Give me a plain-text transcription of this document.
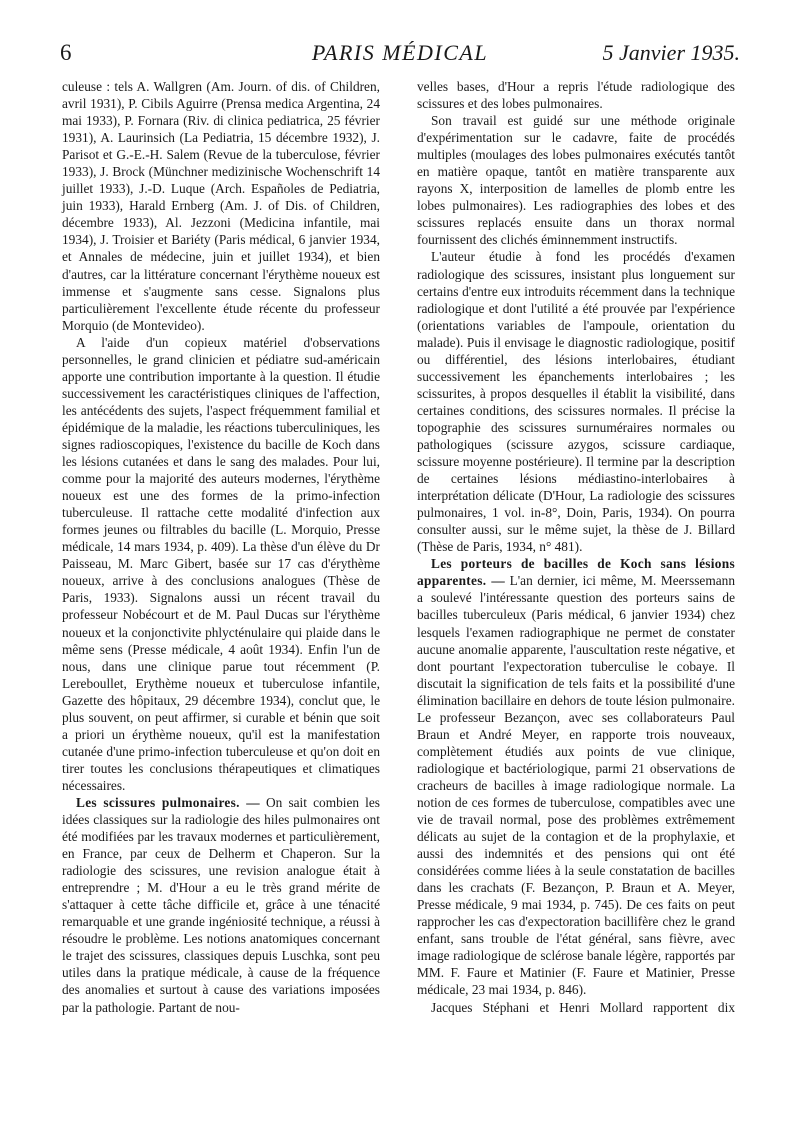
6	PARIS MÉDICAL	5 Janvier 1935.

culeuse : tels A. Wallgren (Am. Journ. of dis. of Children, avril 1931), P. Cibils Aguirre (Prensa medica Argentina, 24 mai 1933), P. Fornara (Riv. di clinica pediatrica, 25 février 1931), A. Laurinsich (La Pediatria, 15 décembre 1932), J. Parisot et G.-E.-H. Salem (Revue de la tuberculose, février 1933), J. Brock (Münchner medizinische Wochenschrift 14 juillet 1933), J.-D. Luque (Arch. Españoles de Pediatria, juin 1933), Harald Ernberg (Am. J. of Dis. of Children, décembre 1933), Al. Jezzoni (Medicina infantile, mai 1934), J. Troisier et Bariéty (Paris médical, 6 janvier 1934, et Annales de médecine, juin et juillet 1934), et bien d'autres, car la littérature concernant l'érythème noueux est immense et s'augmente sans cesse. Signalons plus particulièrement l'excellente étude récente du professeur Morquio (de Montevideo).

A l'aide d'un copieux matériel d'observations personnelles, le grand clinicien et pédiatre sud-américain apporte une contribution importante à la question. Il étudie successivement les caractéristiques cliniques de l'affection, les antécédents des sujets, l'aspect fréquemment familial et épidémique de la maladie, les réactions tuberculiniques, les signes radioscopiques, l'existence du bacille de Koch dans les lésions cutanées et dans le sang des malades. Pour lui, comme pour la majorité des auteurs modernes, l'érythème noueux est une des formes de la primo-infection tuberculeuse. Il rattache cette modalité d'infection aux formes jeunes ou filtrables du bacille (L. Morquio, Presse médicale, 14 mars 1934, p. 409). La thèse d'un élève du Dr Paisseau, M. Marc Gibert, basée sur 17 cas d'érythème noueux, arrive à des conclusions analogues (Thèse de Paris, 1933). Signalons aussi un récent travail du professeur Nobécourt et de M. Paul Ducas sur l'érythème noueux et la conjonctivite phlycténulaire qui plaide dans le même sens (Presse médicale, 4 août 1934). Enfin l'un de nous, dans une clinique parue tout récemment (P. Lereboullet, Erythème noueux et tuberculose infantile, Gazette des hôpitaux, 29 décembre 1934), conclut que, le plus souvent, on peut affirmer, si curable et bénin que soit a priori un érythème noueux, qu'il est la manifestation cutanée d'une primo-infection tuberculeuse et qu'on doit en tirer toutes les conclusions thérapeutiques et climatiques nécessaires.

Les scissures pulmonaires. — On sait combien les idées classiques sur la radiologie des hiles pulmonaires ont été modifiées par les travaux modernes et particulièrement, en France, par ceux de Delherm et Chaperon. Sur la radiologie des scissures, une revision analogue était à entreprendre ; M. d'Hour a eu le très grand mérite de s'attaquer à cette tâche difficile et, grâce à une ténacité remarquable et une grande ingéniosité technique, a réussi à résoudre le problème. Les notions anatomiques concernant le trajet des scissures, classiques depuis Luschka, sont peu utiles dans la pratique médicale, à cause de la fréquence des anomalies et surtout à cause des variations imposées par la pathologie. Partant de nou-

velles bases, d'Hour a repris l'étude radiologique des scissures et des lobes pulmonaires.

Son travail est guidé sur une méthode originale d'expérimentation sur le cadavre, faite de procédés multiples (moulages des lobes pulmonaires exécutés tantôt en matière opaque, tantôt en matière transparente aux rayons X, interposition de lamelles de plomb entre les lobes pulmonaires). Les radiographies des lobes et des scissures replacés ensuite dans un thorax normal fournissent des clichés éminnemment instructifs.

L'auteur étudie à fond les procédés d'examen radiologique des scissures, insistant plus longuement sur certains d'entre eux introduits récemment dans la technique radiologique et dont l'utilité a été prouvée par l'expérience (orientations variables de l'ampoule, orientation du malade). Puis il envisage le diagnostic radiologique, positif ou différentiel, des lésions interlobaires, étudiant successivement les épanchements interlobaires ; les scissurites, à propos desquelles il établit la visibilité, dans certaines conditions, des scissures normales. Il précise la topographie des scissures surnuméraires normales ou pathologiques (scissure azygos, scissure cardiaque, scissure moyenne postérieure). Il termine par la description de certaines lésions médiastino-interlobaires à interprétation délicate (D'Hour, La radiologie des scissures pulmonaires, 1 vol. in-8°, Doin, Paris, 1934). On pourra consulter aussi, sur le même sujet, la thèse de J. Billard (Thèse de Paris, 1934, n° 481).

Les porteurs de bacilles de Koch sans lésions apparentes. — L'an dernier, ici même, M. Meerssemann a soulevé l'intéressante question des porteurs sains de bacilles tuberculeux (Paris médical, 6 janvier 1934) chez lesquels l'examen radiographique ne permet de constater aucune anomalie apparente, l'auscultation reste négative, et dont pourtant l'expectoration tuberculise le cobaye. Il discutait la signification de tels faits et la possibilité d'une élimination bacillaire en dehors de toute lésion pulmonaire. Le professeur Bezançon, avec ses collaborateurs Paul Braun et André Meyer, en rapporte trois nouveaux, complètement étudiés aux points de vue clinique, radiologique et bactériologique, parmi 21 observations de cracheurs de bacilles à image radiologique normale. La notion de ces formes de tuberculose, compatibles avec une vie de travail normal, pose des problèmes extrêmement délicats au sujet de la contagion et de la prophylaxie, et aussi des indemnités et des pensions qui ont été considérées comme liées à la seule constatation de bacilles dans les crachats (F. Bezançon, P. Braun et A. Meyer, Presse médicale, 9 mai 1934, p. 745). De ces faits on peut rapprocher les cas d'expectoration bacillifère chez le grand enfant, sans trouble de l'état général, sans fièvre, avec image radiologique de sclérose banale légère, rapportés par MM. F. Faure et Matinier (F. Faure et Matinier, Presse médicale, 23 mai 1934, p. 846).

Jacques Stéphani et Henri Mollard rapportent dix
